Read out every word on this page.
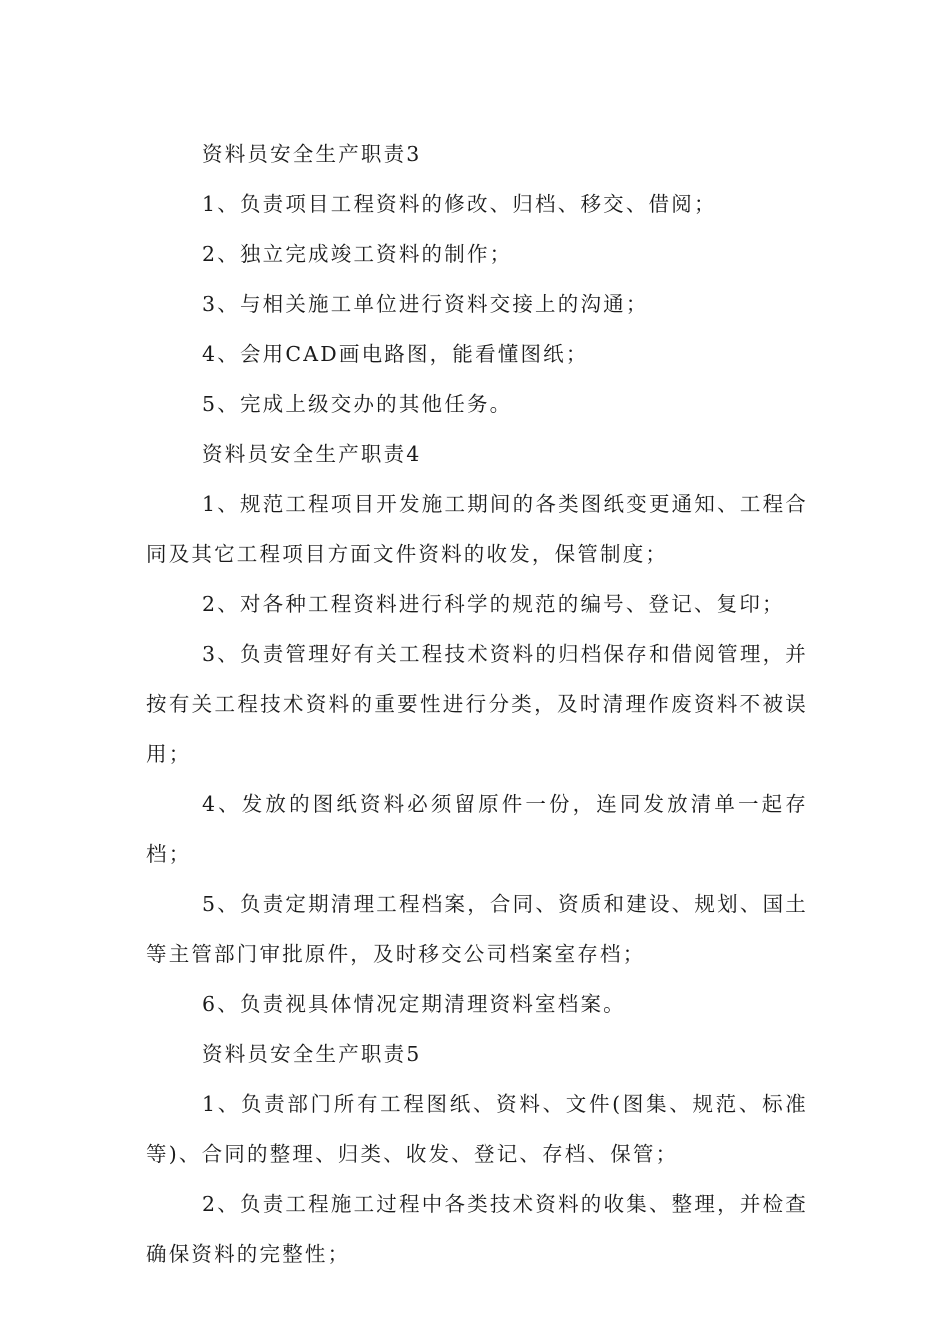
资料员安全生产职责3

1、负责项目工程资料的修改、归档、移交、借阅；

2、独立完成竣工资料的制作；

3、与相关施工单位进行资料交接上的沟通；

4、会用CAD画电路图，能看懂图纸；

5、完成上级交办的其他任务。

资料员安全生产职责4

1、规范工程项目开发施工期间的各类图纸变更通知、工程合同及其它工程项目方面文件资料的收发，保管制度；

2、对各种工程资料进行科学的规范的编号、登记、复印；

3、负责管理好有关工程技术资料的归档保存和借阅管理，并按有关工程技术资料的重要性进行分类，及时清理作废资料不被误用；

4、发放的图纸资料必须留原件一份，连同发放清单一起存档；

5、负责定期清理工程档案，合同、资质和建设、规划、国土等主管部门审批原件，及时移交公司档案室存档；

6、负责视具体情况定期清理资料室档案。

资料员安全生产职责5

1、负责部门所有工程图纸、资料、文件(图集、规范、标准等)、合同的整理、归类、收发、登记、存档、保管；

2、负责工程施工过程中各类技术资料的收集、整理，并检查确保资料的完整性；
